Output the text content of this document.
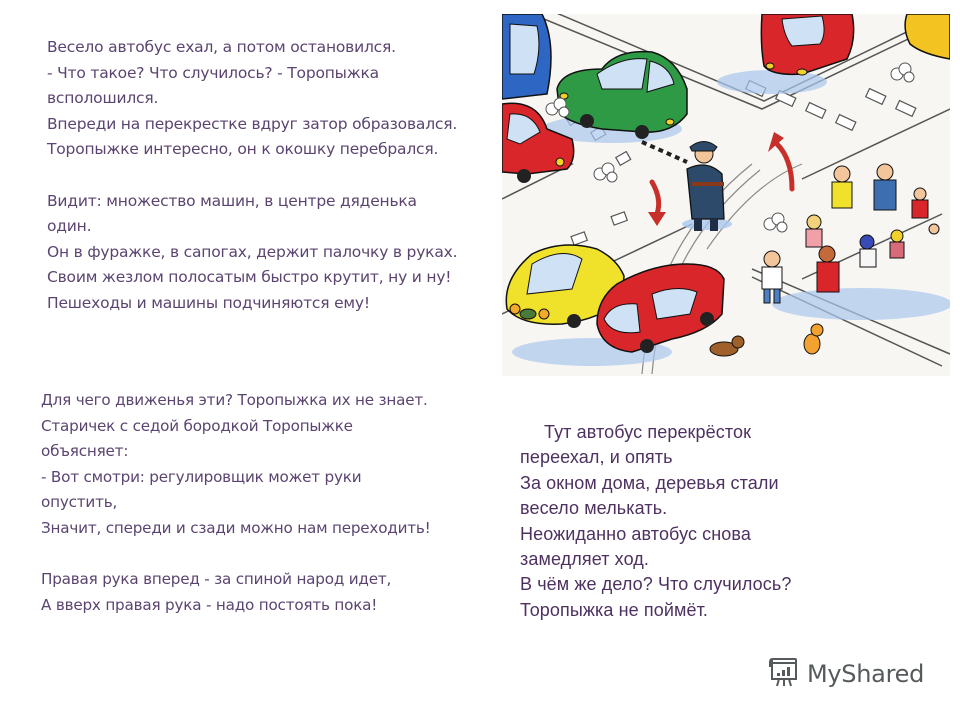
Весело автобус ехал, а потом остановился.
- Что такое? Что случилось? - Торопыжка
всполошился.
Впереди на перекрестке вдруг затор образовался.
Торопыжке интересно, он к окошку перебрался.
Видит: множество машин, в центре дяденька
один.
Он в фуражке, в сапогах, держит палочку в руках.
Своим жезлом полосатым быстро крутит, ну и ну!
Пешеходы и машины подчиняются ему!
Для чего движенья эти? Торопыжка их не знает.
Старичек с седой бородкой Торопыжке
объясняет:
- Вот смотри: регулировщик может руки
опустить,
Значит, спереди и сзади можно нам переходить!
Правая рука вперед - за спиной народ идет,
А вверх правая рука - надо постоять пока!
Тут автобус перекрёсток
переехал, и опять
За окном дома, деревья стали
весело мелькать.
Неожиданно автобус снова
замедляет ход.
В чём же дело? Что случилось?
Торопыжка не поймёт.
MyShared
